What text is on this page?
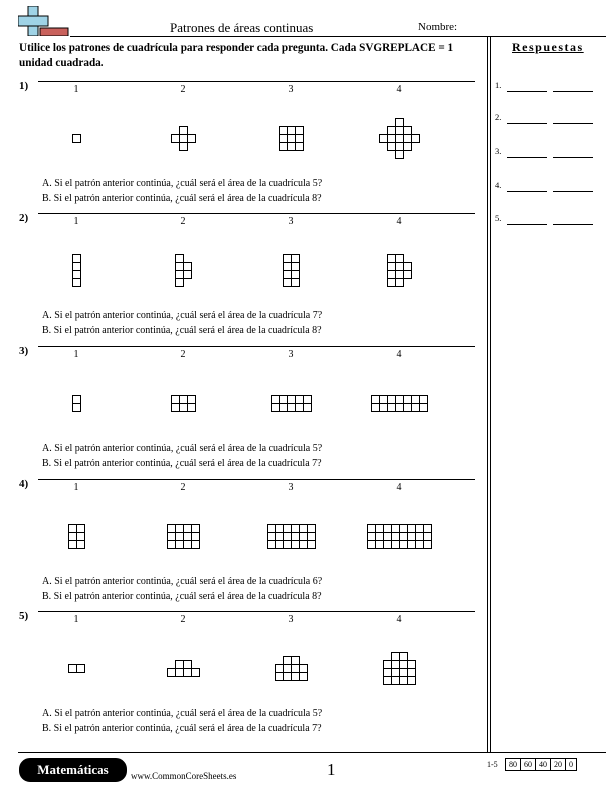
Patrones de áreas continuas	Nombre:
Utilice los patrones de cuadrícula para responder cada pregunta. Cada SVGREPLACE = 1 unidad cuadrada.
Respuestas
1.
2.
3.
4.
5.
1)	1	2	3	4
A. Si el patrón anterior continúa, ¿cuál será el área de la cuadrícula 5?
B. Si el patrón anterior continúa, ¿cuál será el área de la cuadrícula 8?
2)	1	2	3	4
A. Si el patrón anterior continúa, ¿cuál será el área de la cuadrícula 7?
B. Si el patrón anterior continúa, ¿cuál será el área de la cuadrícula 8?
3)	1	2	3	4
A. Si el patrón anterior continúa, ¿cuál será el área de la cuadrícula 5?
B. Si el patrón anterior continúa, ¿cuál será el área de la cuadrícula 7?
4)	1	2	3	4
A. Si el patrón anterior continúa, ¿cuál será el área de la cuadrícula 6?
B. Si el patrón anterior continúa, ¿cuál será el área de la cuadrícula 8?
5)	1	2	3	4
A. Si el patrón anterior continúa, ¿cuál será el área de la cuadrícula 5?
B. Si el patrón anterior continúa, ¿cuál será el área de la cuadrícula 7?
Matemáticas	www.CommonCoreSheets.es	1	1-5	80 60 40 20 0
